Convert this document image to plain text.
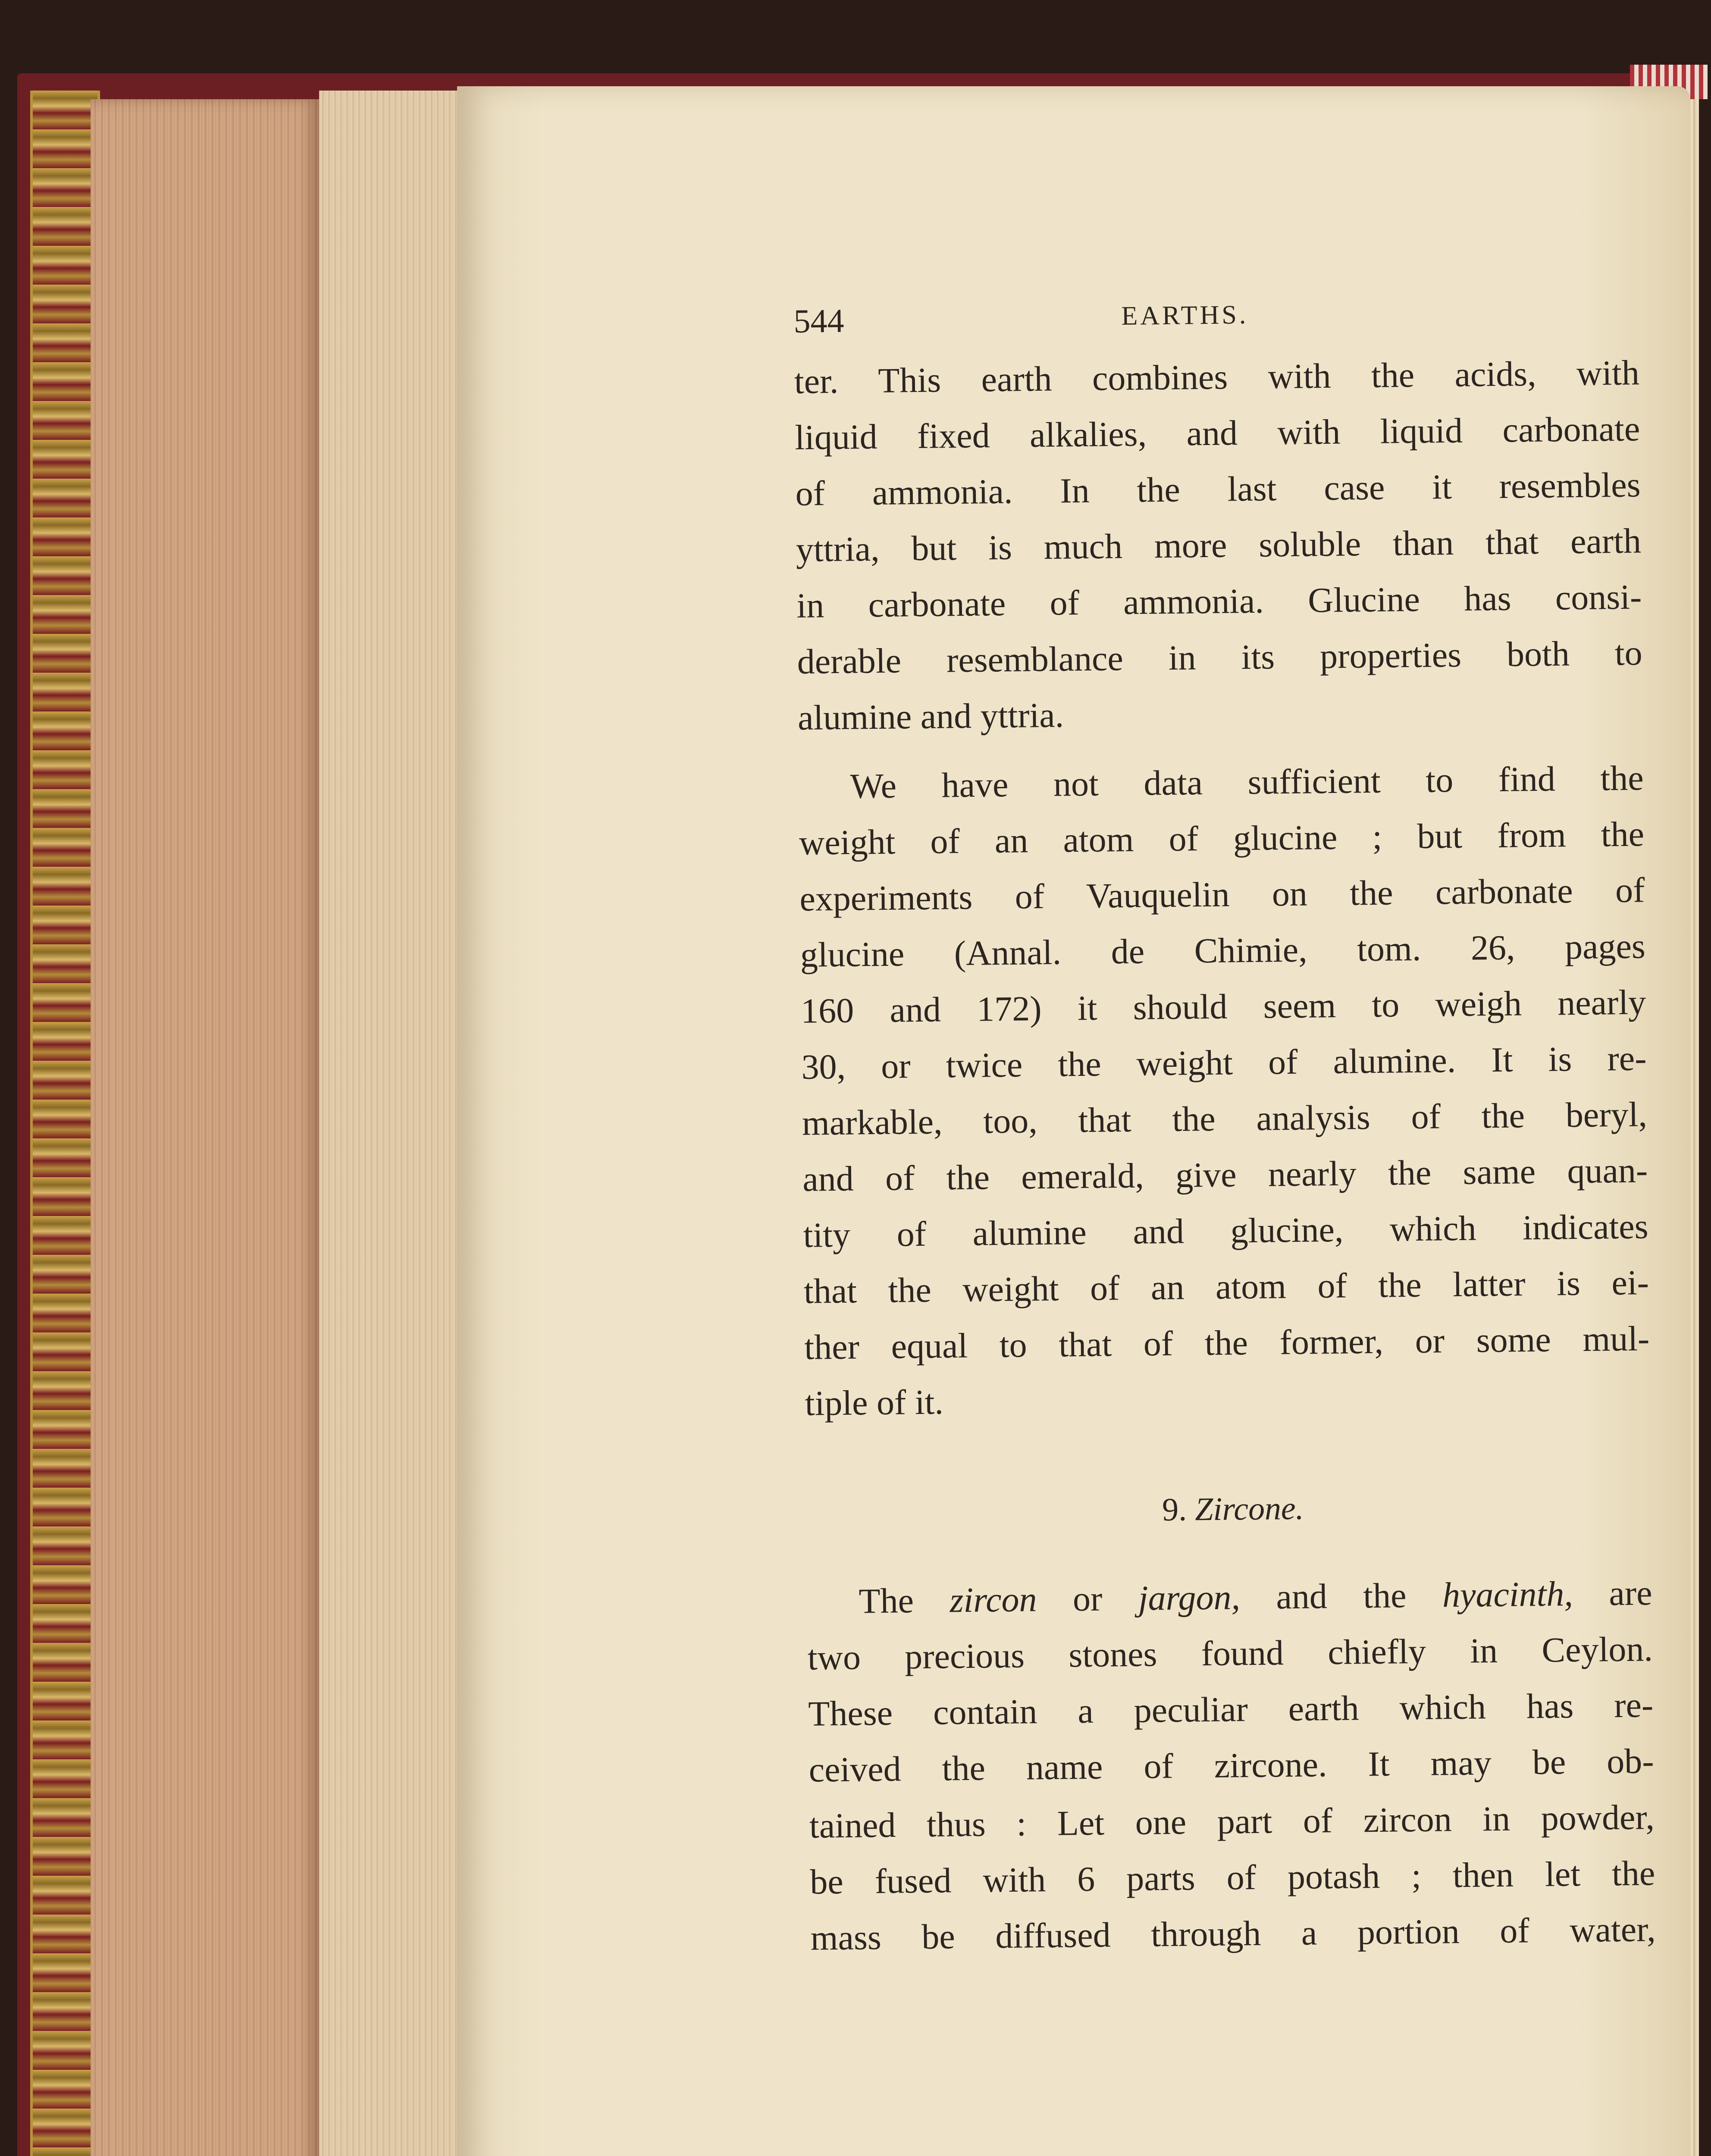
544	EARTHS.
ter. This earth combines with the acids, with
liquid fixed alkalies, and with liquid carbonate
of ammonia. In the last case it resembles
yttria, but is much more soluble than that earth
in carbonate of ammonia. Glucine has consi-
derable resemblance in its properties both to
alumine and yttria.
We have not data sufficient to find the
weight of an atom of glucine ; but from the
experiments of Vauquelin on the carbonate of
glucine (Annal. de Chimie, tom. 26, pages
160 and 172) it should seem to weigh nearly
30, or twice the weight of alumine. It is re-
markable, too, that the analysis of the beryl,
and of the emerald, give nearly the same quan-
tity of alumine and glucine, which indicates
that the weight of an atom of the latter is ei-
ther equal to that of the former, or some mul-
tiple of it.
9. Zircone.
The zircon or jargon, and the hyacinth, are
two precious stones found chiefly in Ceylon.
These contain a peculiar earth which has re-
ceived the name of zircone. It may be ob-
tained thus : Let one part of zircon in powder,
be fused with 6 parts of potash ; then let the
mass be diffused through a portion of water,
